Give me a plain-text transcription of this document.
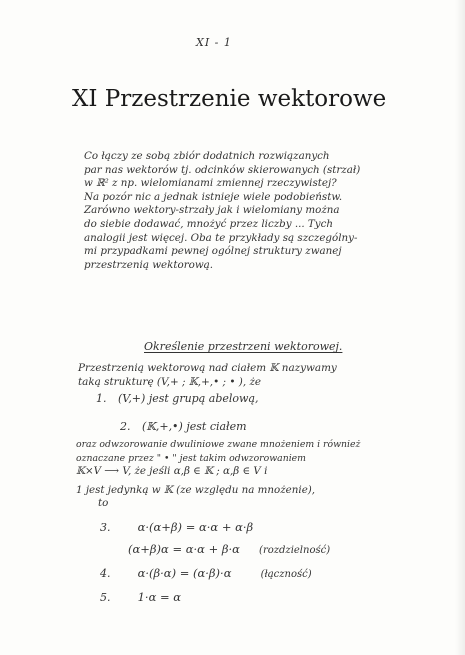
XI - 1
XI Przestrzenie wektorowe
Co łączy ze sobą zbiór dodatnich rozwiązanych
par nas wektorów tj. odcinków skierowanych (strzał)
w ℝ² z np. wielomianami zmiennej rzeczywistej?
Na pozór nic a jednak istnieje wiele podobieństw.
Zarówno wektory-strzały jak i wielomiany można
do siebie dodawać, mnożyć przez liczby ... Tych
analogii jest więcej. Oba te przykłady są szczególny-
mi przypadkami pewnej ogólnej struktury zwanej
przestrzenią wektorową.
Określenie przestrzeni wektorowej.
Przestrzenią wektorową nad ciałem 𝕂 nazywamy
taką strukturę (V,+ ; 𝕂,+,• ; • ), że
1. (V,+) jest grupą abelową,
2. (𝕂,+,•) jest ciałem
oraz odwzorowanie dwuliniowe zwane mnożeniem i również
oznaczane przez " • " jest takim odwzorowaniem
𝕂×V ⟶ V, że jeśli α,β ∈ 𝕂 ; α,β ∈ V i
1 jest jedynką w 𝕂 (ze względu na mnożenie),
to
3. α·(α+β) = α·α + α·β
(α+β)α = α·α + β·α (rozdzielność)
4. α·(β·α) = (α·β)·α	(łączność)
5. 1·α = α
